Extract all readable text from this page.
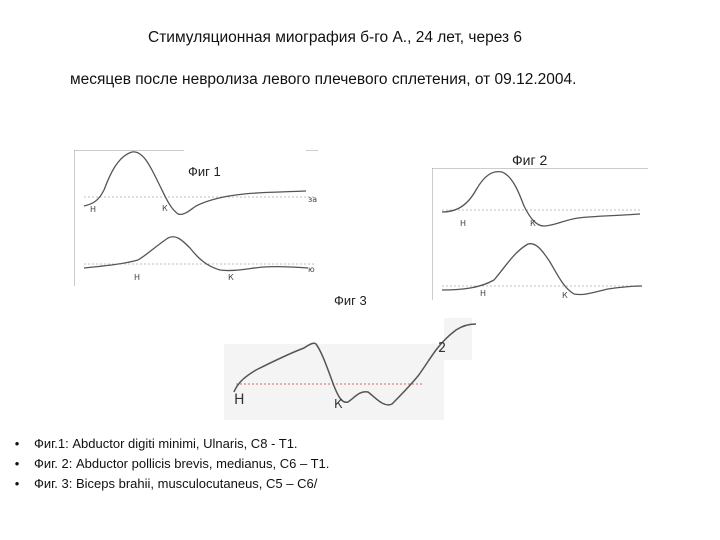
Стимуляционная миография б-го А., 24 лет, через 6
месяцев после невролиза левого плечевого сплетения, от 09.12.2004.
Н	К
за
Н	К
ю
Фиг 1
Н	К
Н	К
Фиг 2
Фиг 3
Н	К
2
•	Фиг.1: Abductor digiti minimi, Ulnaris, C8 - T1.
•	Фиг. 2: Abductor pollicis brevis, medianus, C6 – T1.
•	Фиг. 3: Biceps brahii, musculocutaneus, C5 – C6/
